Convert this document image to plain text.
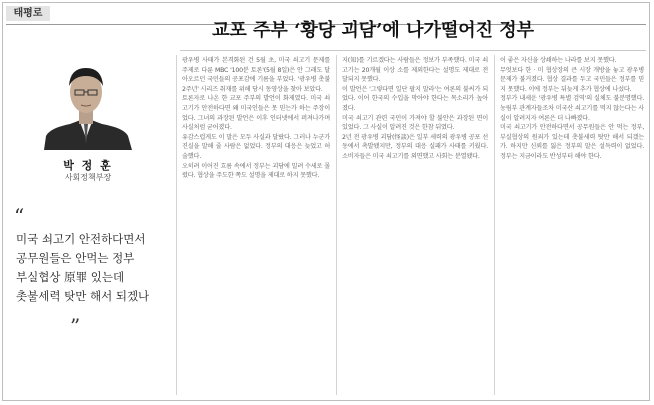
태평로
교포 주부 ‘황당 괴담’에 나가떨어진 정부
박 정 훈
사회정책부장
“
미국 쇠고기 안전하다면서
공무원들은 안먹는 정부
부실협상 原罪 있는데
촛불세력 탓만 해서 되겠나
”

광우병 사태가 본격화된 건 5월 초, 미국 쇠고기 문제를 주제로 다룬 MBC '100분 토론'(5월 8일)은 안 그래도 달아오르던 국민들의 공포감에 기름을 부었다. '광우병 촛불 2주년' 시리즈 취재를 위해 당시 동영상을 찾아 보았다.

토론자로 나온 한 교포 주부의 발언이 화제였다. 미국 쇠고기가 안전하다면 왜 미국인들은 못 믿는가 하는 주장이었다. 그녀의 과장된 발언은 이후 인터넷에서 퍼져나가며 사실처럼 굳어졌다.

유감스럽게도 이 말은 모두 사실과 달랐다. 그러나 누군가 진실을 말해 줄 사람은 없었다. 정부의 대응은 늦었고 허술했다.

오히려 이어진 흐름 속에서 정부는 괴담에 밀려 수세로 몰렸다. 협상을 주도한 쪽도 설명을 제대로 하지 못했다.

지(知)를 기르겠다는 사람들은 정보가 부족했다. 미국 쇠고기는 20개월 이상 소를 제외한다는 설명도 제대로 전달되지 못했다.

이 발언은 '그렇다면 일단 팔지 말라'는 여론의 불씨가 되었다. 이어 한국의 수입을 막아야 한다는 목소리가 높아졌다.

미국 쇠고기 관련 국민이 가져야 할 불안은 과장된 면이 있었다. 그 사실이 알려진 것은 한참 뒤였다.

2년 전 광우병 괴담(怪談)은 일부 세력의 광우병 공포 선동에서 촉발됐지만, 정부의 대응 실패가 사태를 키웠다. 소비자들은 미국 쇠고기를 외면했고 사회는 분열됐다.

이 좋은 자신을 상쇄하는 나라를 보지 못했다.

무엇보다 한 · 미 협상장의 큰 시장 개방을 놓고 광우병 문제가 불거졌다. 협상 결과를 두고 국민들은 정부를 믿지 못했다. 이에 정부는 뒤늦게 추가 협상에 나섰다.

정부가 내세운 '광우병 특별 검역'의 실체도 불분명했다. 농림부 관계자들조차 미국산 쇠고기를 먹지 않는다는 사실이 알려지자 여론은 더 나빠졌다.

미국 쇠고기가 안전하다면서 공무원들은 안 먹는 정부, 부실협상의 원죄가 있는데 촛불세력 탓만 해서 되겠는가. 하지만 신뢰를 잃은 정부의 말은 설득력이 없었다. 정부는 지금이라도 반성부터 해야 한다.
